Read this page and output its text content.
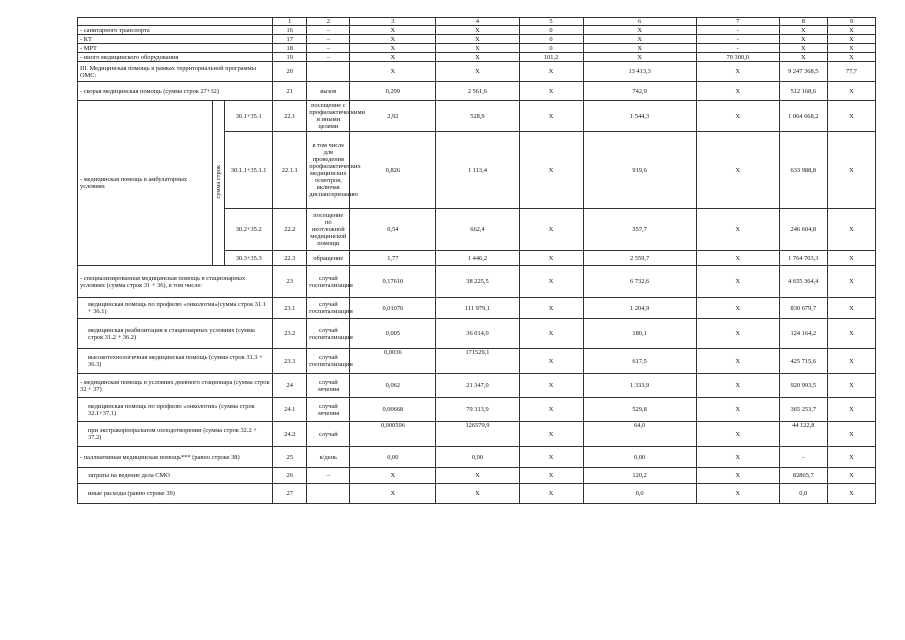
			1	2	3	4	5	6	7	8	9
- санитарного транспорта			16	–	X	X	0	X	-	X	X
- КТ			17	–	X	X	0	X	-	X	X
- МРТ			18	–	X	X	0	X	-	X	X
- иного медицинского оборудования			19	–	X	X	101,2	X	70 300,0	X	X
III. Медицинская помощь в рамках территориальной программы ОМС:			20		X	X	X	13 413,3	X	9 247 368,5	77,7
- скорая медицинская помощь (сумма строк 27+32)			21	вызов	0,299	2 561,6	X	742,9	X	512 168,6	X
- медицинская помощь в амбулаторных условиях	сумма строк	30.1+35.1	22.1	посещение с профилактическими и иными целями	2,92	528,9	X	1 544,3	X	1 064 668,2	X
		30.1.1+35.1.1	22.1.1	в том числе для проведения профилактических медицинских осмотров, включая диспансеризацию	0,826	1 113,4	X	919,6	X	633 988,8	X
		30.2+35.2	22.2	посещение по неотложной медицинской помощи	0,54	662,4	X	357,7	X	246 604,8	X
		30.3+35.3	22.3	обращение	1,77	1 446,2	X	2 559,7	X	1 764 703,3	X
- специализированная медицинская помощь в стационарных условиях (сумма строк 31 + 36), в том числе:			23	случай госпитализации	0,17610	38 225,5	X	6 732,6	X	4 655 364,4	X
медицинская помощь по профилю «онкология»(сумма строк 31.1 + 36.1)			23.1	случай госпитализации	0,01076	111 979,1	X	1 204,9	X	830 679,7	X
медицинская реабилитация в стационарных условиях (сумма строк 31.2 + 36.2)			23.2	случай госпитализации	0,005	36 014,0	X	180,1	X	124 164,2	X
высокотехнологичная медицинская помощь (сумма строк 31.3 + 36.3)			23.3	случай госпитализации	0,0036	171529,1	X	617,5	X	425 715,6	X
- медицинская помощь в условиях дневного стационара (сумма строк 32 + 37)			24	случай лечения	0,062	21 347,0	X	1 333,9	X	920 993,5	X
медицинская помощь по профилю «онкология» (сумма строк 32.1+37.1)			24.1	случай лечения	0,00668	79 313,9	X	529,8	X	365 253,7	X
при экстракорпоральном оплодотворении (сумма строк 32.2 + 37.2)			24.2	случай	0,000506	126579,9	X	64,0	X	44 122,8	X
- паллиативная медицинская помощь*** (равно строке 38)			25	к/день	0,00	0,00	X	0,00	X	-	X
затраты на ведение дела СМО			26	–	X	X	X	120,2	X	82865,7	X
иные расходы (равно строке 39)			27		X	X	X	0,0	X	0,0	X
